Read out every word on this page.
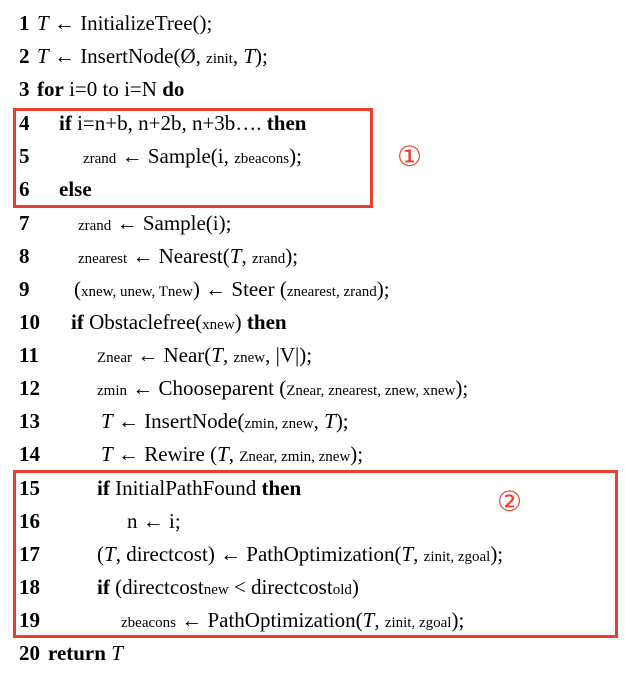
1 T ← InitializeTree();
2 T ← InsertNode(Ø, zinit, T);
3 for i=0 to i=N do
4 if i=n+b, n+2b, n+3b…. then
5	zrand ← Sample(i, zbeacons);
6 else
7	zrand ← Sample(i);
8	znearest ← Nearest(T, zrand);
9 (xnew, unew, Tnew) ← Steer (znearest, zrand);
10 if Obstaclefree(xnew) then
11	Znear ← Near(T, znew, |V|);
12	zmin ← Chooseparent (Znear, znearest, znew, xnew);
13	T ← InsertNode(zmin, znew, T);
14	T ← Rewire (T, Znear, zmin, znew);
15	if InitialPathFound then
16	n ← i;
17	(T, directcost) ← PathOptimization(T, zinit, zgoal);
18	if (directcostnew < directcostold)
19	zbeacons ← PathOptimization(T, zinit, zgoal);
20 return T
①
②
